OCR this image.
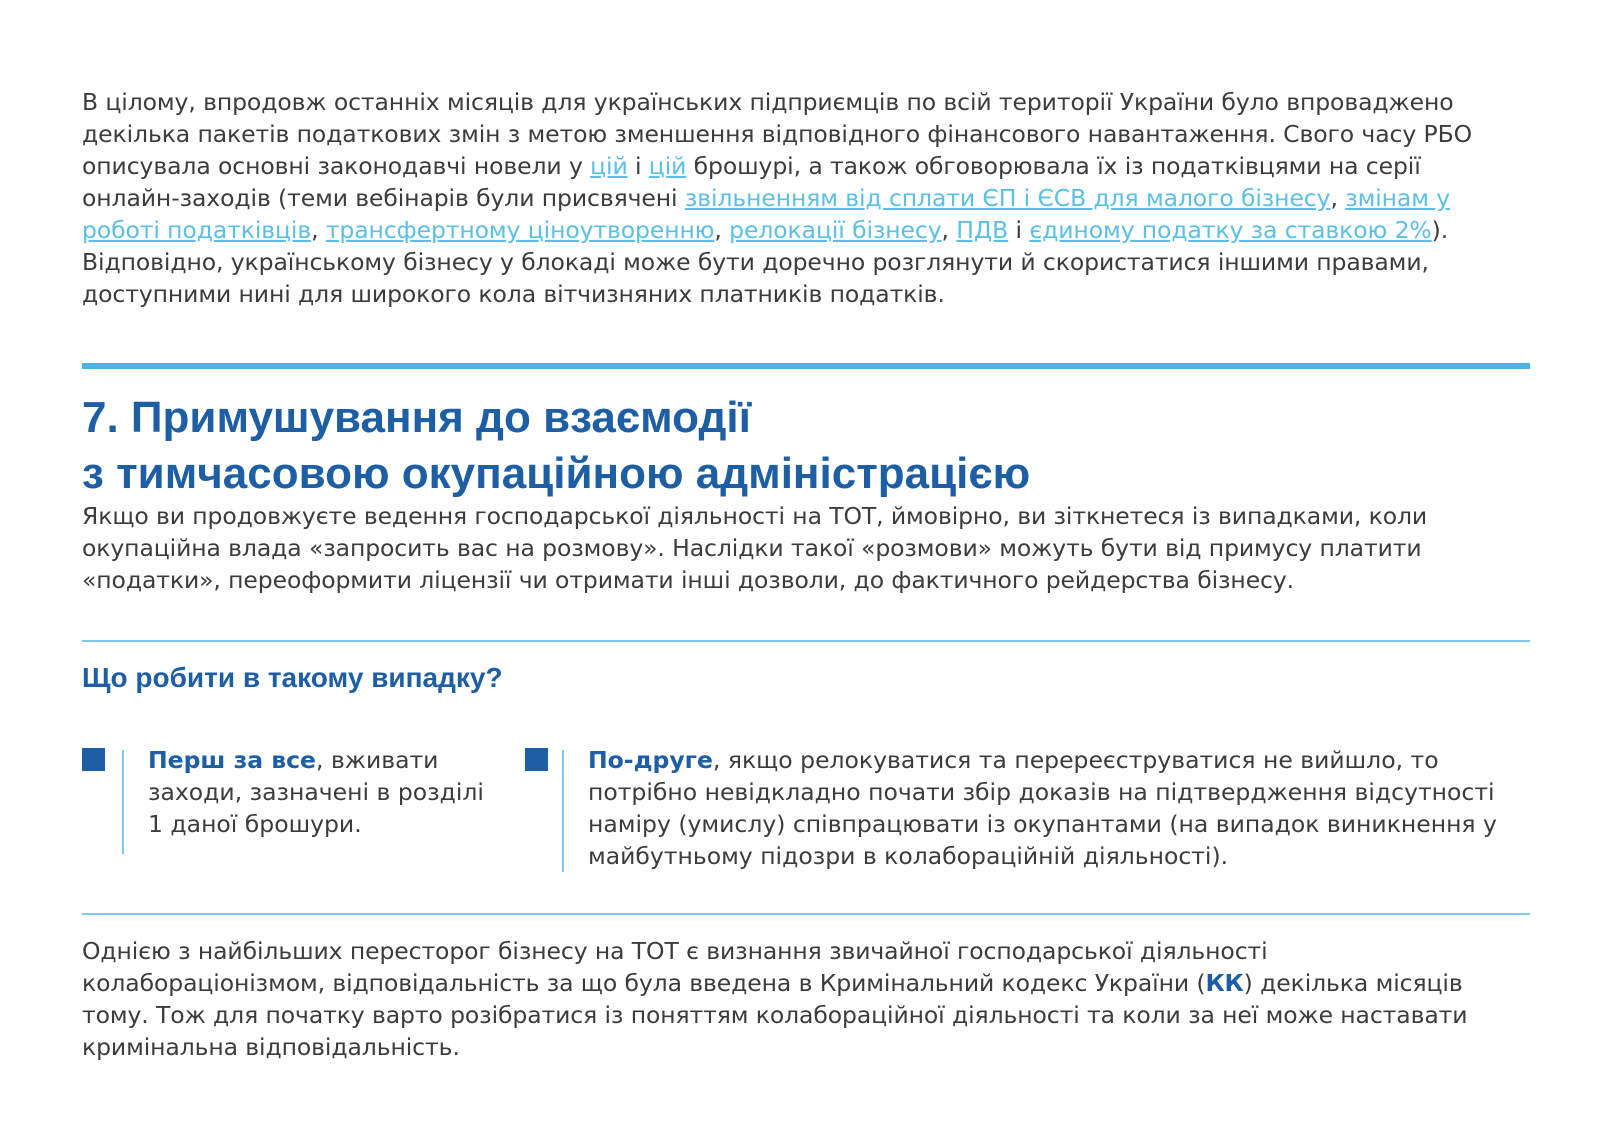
В цілому, впродовж останніх місяців для українських підприємців по всій території України було впроваджено декілька пакетів податкових змін з метою зменшення відповідного фінансового навантаження. Свого часу РБО описувала основні законодавчі новели у цій і цій брошурі, а також обговорювала їх із податківцями на серії онлайн-заходів (теми вебінарів були присвячені звільненням від сплати ЄП і ЄСВ для малого бізнесу, змінам у роботі податківців, трансфертному ціноутворенню, релокації бізнесу, ПДВ і єдиному податку за ставкою 2%). Відповідно, українському бізнесу у блокаді може бути доречно розглянути й скористатися іншими правами, доступними нині для широкого кола вітчизняних платників податків.

7. Примушування до взаємодії
з тимчасовою окупаційною адміністрацією

Якщо ви продовжуєте ведення господарської діяльності на ТОТ, ймовірно, ви зіткнетеся із випадками, коли окупаційна влада «запросить вас на розмову». Наслідки такої «розмови» можуть бути від примусу платити «податки», переоформити ліцензії чи отримати інші дозволи, до фактичного рейдерства бізнесу.

Що робити в такому випадку?

Перш за все, вживати заходи, зазначені в розділі 1 даної брошури.

По-друге, якщо релокуватися та перереєструватися не вийшло, то потрібно невідкладно почати збір доказів на підтвердження відсутності наміру (умислу) співпрацювати із окупантами (на випадок виникнення у майбутньому підозри в колабораційній діяльності).

Однією з найбільших пересторог бізнесу на ТОТ є визнання звичайної господарської діяльності колабораціонізмом, відповідальність за що була введена в Кримінальний кодекс України (КК) декілька місяців тому. Тож для початку варто розібратися із поняттям колабораційної діяльності та коли за неї може наставати кримінальна відповідальність.
